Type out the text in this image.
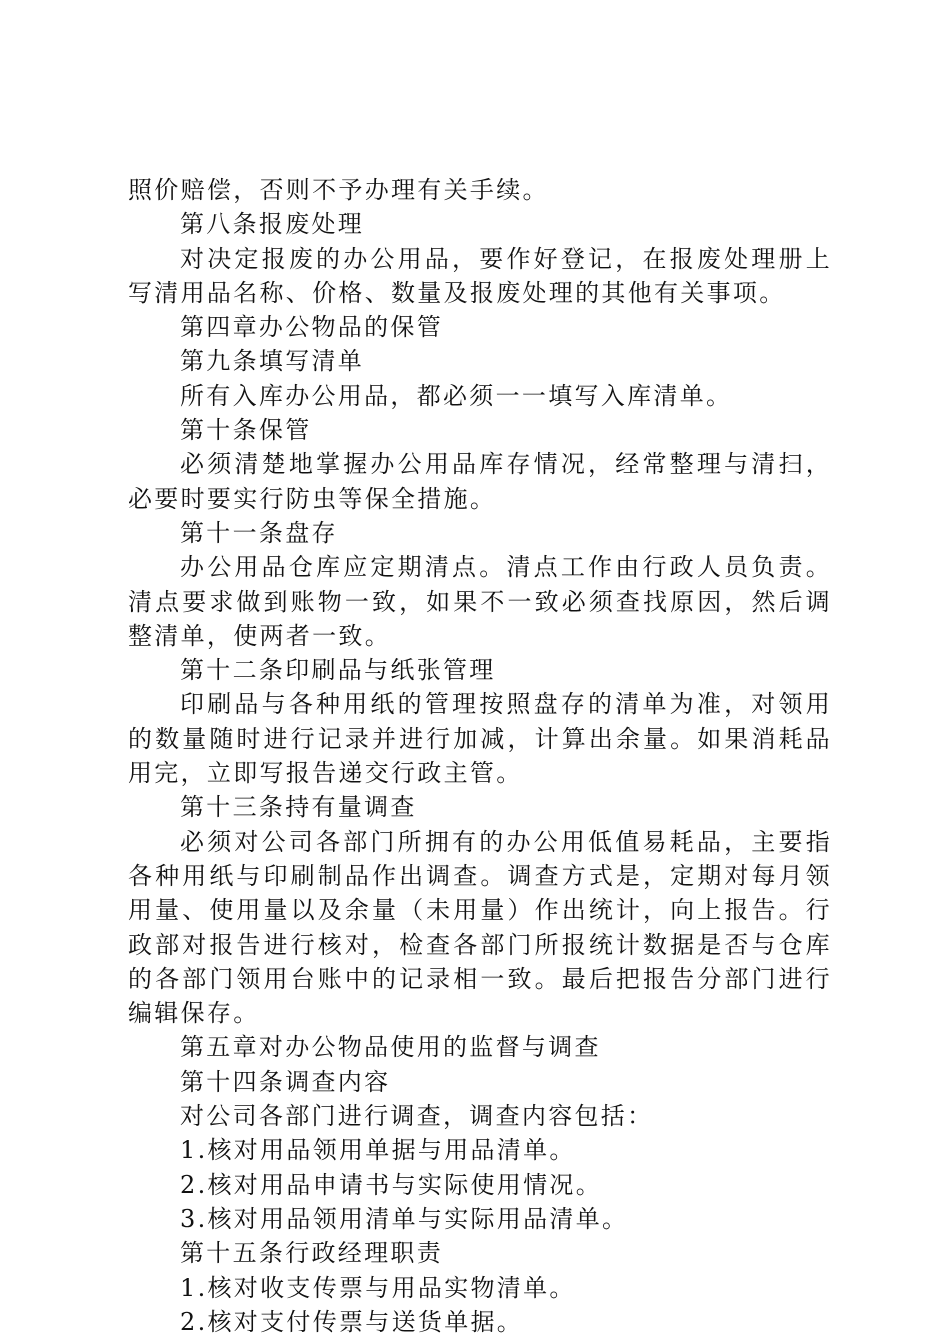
照价赔偿，否则不予办理有关手续。

第八条报废处理

对决定报废的办公用品，要作好登记，在报废处理册上写清用品名称、价格、数量及报废处理的其他有关事项。

第四章办公物品的保管

第九条填写清单

所有入库办公用品，都必须一一填写入库清单。

第十条保管

必须清楚地掌握办公用品库存情况，经常整理与清扫，必要时要实行防虫等保全措施。

第十一条盘存

办公用品仓库应定期清点。清点工作由行政人员负责。清点要求做到账物一致，如果不一致必须查找原因，然后调整清单，使两者一致。

第十二条印刷品与纸张管理

印刷品与各种用纸的管理按照盘存的清单为准，对领用的数量随时进行记录并进行加减，计算出余量。如果消耗品用完，立即写报告递交行政主管。

第十三条持有量调查

必须对公司各部门所拥有的办公用低值易耗品，主要指各种用纸与印刷制品作出调查。调查方式是，定期对每月领用量、使用量以及余量（未用量）作出统计，向上报告。行政部对报告进行核对，检查各部门所报统计数据是否与仓库的各部门领用台账中的记录相一致。最后把报告分部门进行编辑保存。

第五章对办公物品使用的监督与调查

第十四条调查内容

对公司各部门进行调查，调查内容包括：

1.核对用品领用单据与用品清单。

2.核对用品申请书与实际使用情况。

3.核对用品领用清单与实际用品清单。

第十五条行政经理职责

1.核对收支传票与用品实物清单。

2.核对支付传票与送货单据。
